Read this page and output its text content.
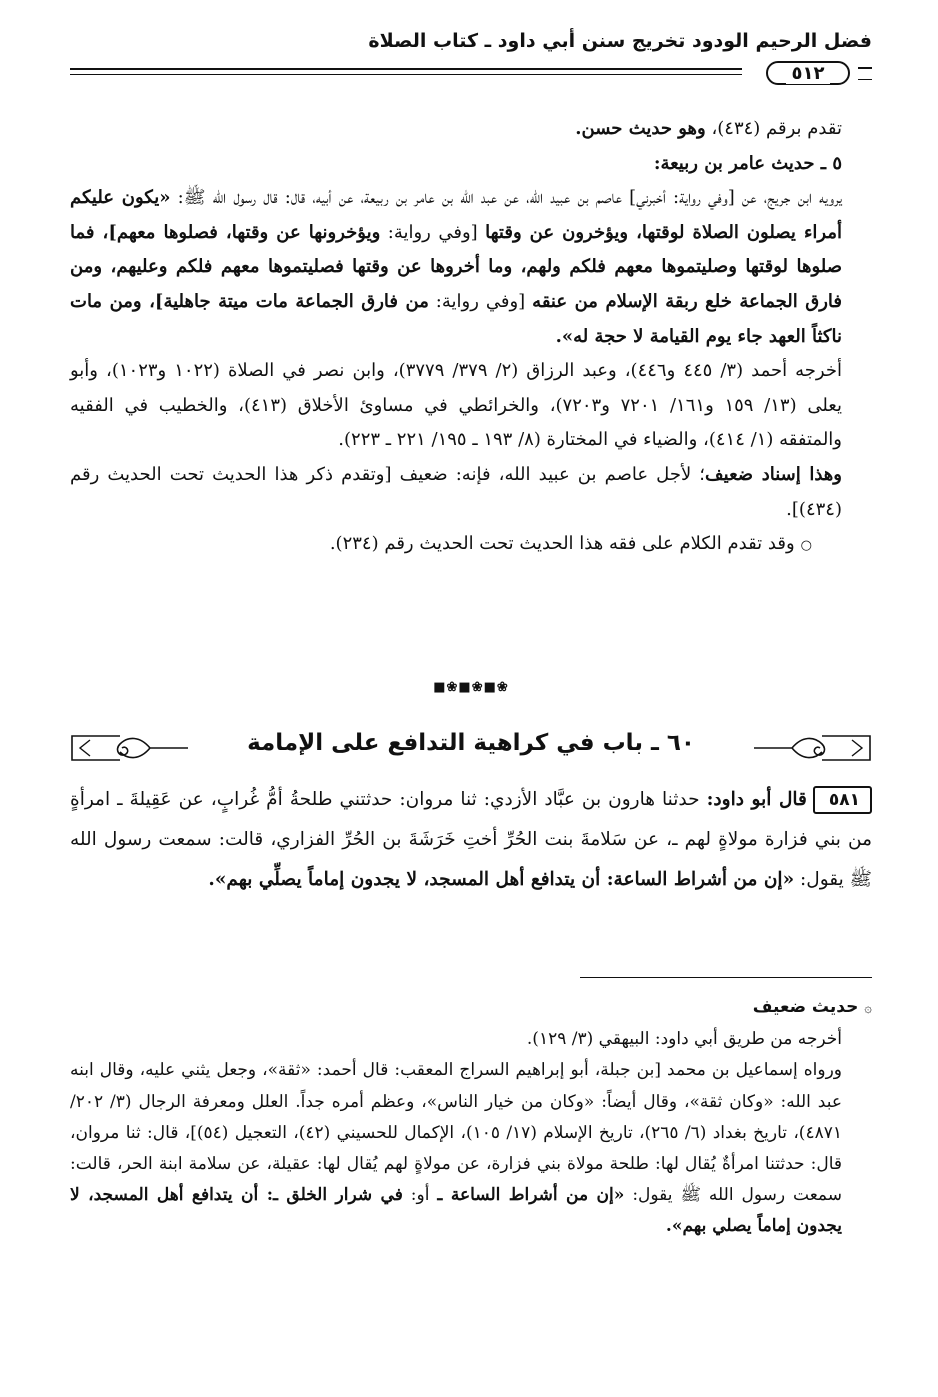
فضل الرحيم الودود تخريج سنن أبي داود ـ كتاب الصلاة
٥١٢

تقدم برقم (٤٣٤)، وهو حديث حسن.

٥ ـ حديث عامر بن ربيعة:

يرويه ابن جريج، عن [وفي رواية: أخبرني] عاصم بن عبيد الله، عن عبد الله بن عامر بن ربيعة، عن أبيه، قال: قال رسول الله ﷺ: «يكون عليكم أمراء يصلون الصلاة لوقتها، ويؤخرون عن وقتها [وفي رواية: ويؤخرونها عن وقتها، فصلوها معهم]، فما صلوها لوقتها وصليتموها معهم فلكم ولهم، وما أخروها عن وقتها فصليتموها معهم فلكم وعليهم، ومن فارق الجماعة خلع ربقة الإسلام من عنقه [وفي رواية: من فارق الجماعة مات ميتة جاهلية]، ومن مات ناكثاً العهد جاء يوم القيامة لا حجة له».

أخرجه أحمد (٣/ ٤٤٥ و٤٤٦)، وعبد الرزاق (٢/ ٣٧٩/ ٣٧٧٩)، وابن نصر في الصلاة (١٠٢٢ و١٠٢٣)، وأبو يعلى (١٣/ ١٥٩ و١٦١/ ٧٢٠١ و٧٢٠٣)، والخرائطي في مساوئ الأخلاق (٤١٣)، والخطيب في الفقيه والمتفقه (١/ ٤١٤)، والضياء في المختارة (٨/ ١٩٣ ـ ١٩٥/ ٢٢١ ـ ٢٢٣).

وهذا إسناد ضعيف؛ لأجل عاصم بن عبيد الله، فإنه: ضعيف [وتقدم ذكر هذا الحديث تحت الحديث رقم (٤٣٤)].

○وقد تقدم الكلام على فقه هذا الحديث تحت الحديث رقم (٢٣٤).

❀■❀■❀■
٦٠ ـ باب في كراهية التدافع على الإمامة

٥٨١قال أبو داود: حدثنا هارون بن عبَّاد الأزدي: ثنا مروان: حدثتني طلحةُ أمُّ غُرابٍ، عن عَقِيلةَ ـ امرأةٍ من بني فزارة مولاةٍ لهم ـ، عن سَلامةَ بنت الحُرِّ أختِ خَرَشَةَ بن الحُرِّ الفزاري، قالت: سمعت رسول الله ﷺ يقول: «إن من أشراط الساعة: أن يتدافع أهل المسجد، لا يجدون إماماً يصلِّي بهم».

۞حديث ضعيف

أخرجه من طريق أبي داود: البيهقي (٣/ ١٢٩).

ورواه إسماعيل بن محمد [بن جبلة، أبو إبراهيم السراج المعقب: قال أحمد: «ثقة»، وجعل يثني عليه، وقال ابنه عبد الله: «وكان ثقة»، وقال أيضاً: «وكان من خيار الناس»، وعظم أمره جداً. العلل ومعرفة الرجال (٣/ ٢٠٢/ ٤٨٧١)، تاريخ بغداد (٦/ ٢٦٥)، تاريخ الإسلام (١٧/ ١٠٥)، الإكمال للحسيني (٤٢)، التعجيل (٥٤)]، قال: ثنا مروان، قال: حدثتنا امرأةٌ يُقال لها: طلحة مولاة بني فزارة، عن مولاةٍ لهم يُقال لها: عقيلة، عن سلامة ابنة الحر، قالت: سمعت رسول الله ﷺ يقول: «إن من أشراط الساعة ـ أو: في شرار الخلق ـ: أن يتدافع أهل المسجد، لا يجدون إماماً يصلي بهم».
